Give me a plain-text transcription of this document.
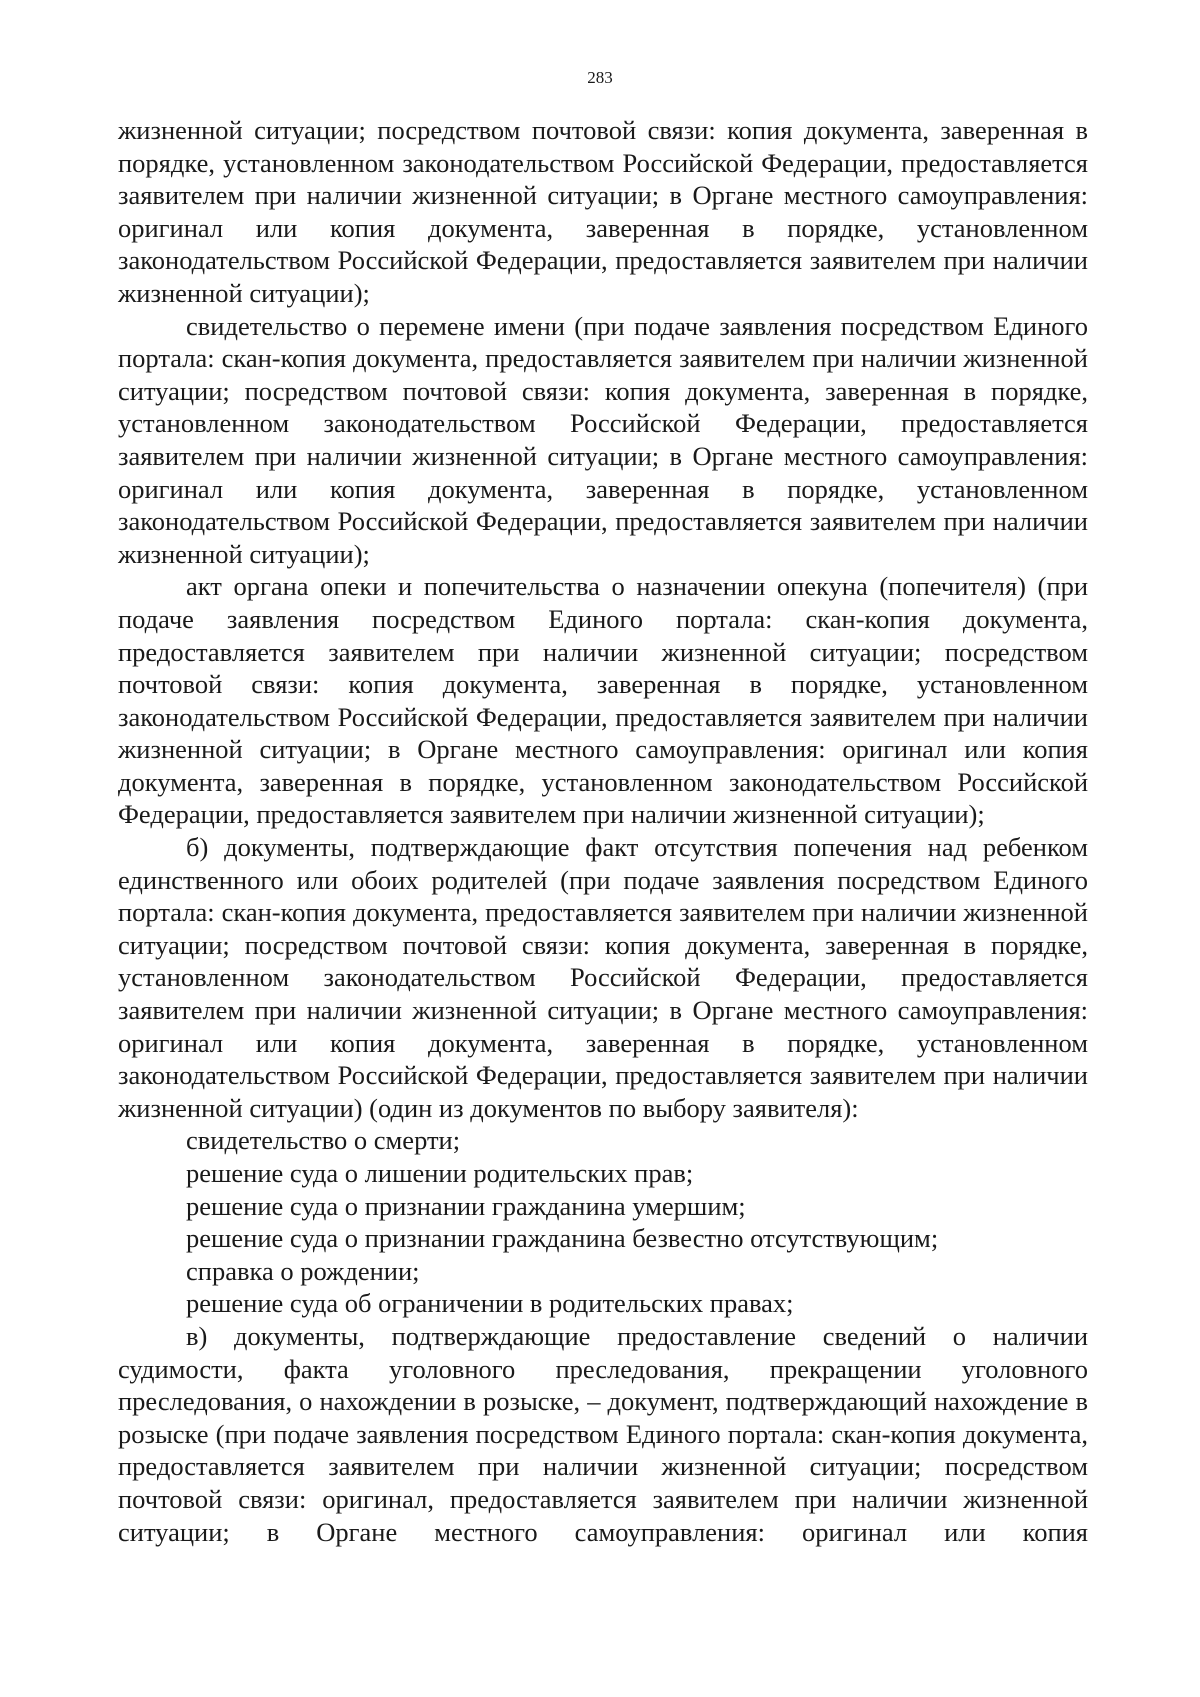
283

жизненной ситуации; посредством почтовой связи: копия документа, заверенная в порядке, установленном законодательством Российской Федерации, предоставляется заявителем при наличии жизненной ситуации; в Органе местного самоуправления: оригинал или копия документа, заверенная в порядке, установленном законодательством Российской Федерации, предоставляется заявителем при наличии жизненной ситуации);

свидетельство о перемене имени (при подаче заявления посредством Единого портала: скан-копия документа, предоставляется заявителем при наличии жизненной ситуации; посредством почтовой связи: копия документа, заверенная в порядке, установленном законодательством Российской Федерации, предоставляется заявителем при наличии жизненной ситуации; в Органе местного самоуправления: оригинал или копия документа, заверенная в порядке, установленном законодательством Российской Федерации, предоставляется заявителем при наличии жизненной ситуации);

акт органа опеки и попечительства о назначении опекуна (попечителя) (при подаче заявления посредством Единого портала: скан-копия документа, предоставляется заявителем при наличии жизненной ситуации; посредством почтовой связи: копия документа, заверенная в порядке, установленном законодательством Российской Федерации, предоставляется заявителем при наличии жизненной ситуации; в Органе местного самоуправления: оригинал или копия документа, заверенная в порядке, установленном законодательством Российской Федерации, предоставляется заявителем при наличии жизненной ситуации);

б) документы, подтверждающие факт отсутствия попечения над ребенком единственного или обоих родителей (при подаче заявления посредством Единого портала: скан-копия документа, предоставляется заявителем при наличии жизненной ситуации; посредством почтовой связи: копия документа, заверенная в порядке, установленном законодательством Российской Федерации, предоставляется заявителем при наличии жизненной ситуации; в Органе местного самоуправления: оригинал или копия документа, заверенная в порядке, установленном законодательством Российской Федерации, предоставляется заявителем при наличии жизненной ситуации) (один из документов по выбору заявителя):

свидетельство о смерти;

решение суда о лишении родительских прав;

решение суда о признании гражданина умершим;

решение суда о признании гражданина безвестно отсутствующим;

справка о рождении;

решение суда об ограничении в родительских правах;

в) документы, подтверждающие предоставление сведений о наличии судимости, факта уголовного преследования, прекращении уголовного преследования, о нахождении в розыске, – документ, подтверждающий нахождение в розыске (при подаче заявления посредством Единого портала: скан-копия документа, предоставляется заявителем при наличии жизненной ситуации; посредством почтовой связи: оригинал, предоставляется заявителем при наличии жизненной ситуации; в Органе местного самоуправления: оригинал или копия
